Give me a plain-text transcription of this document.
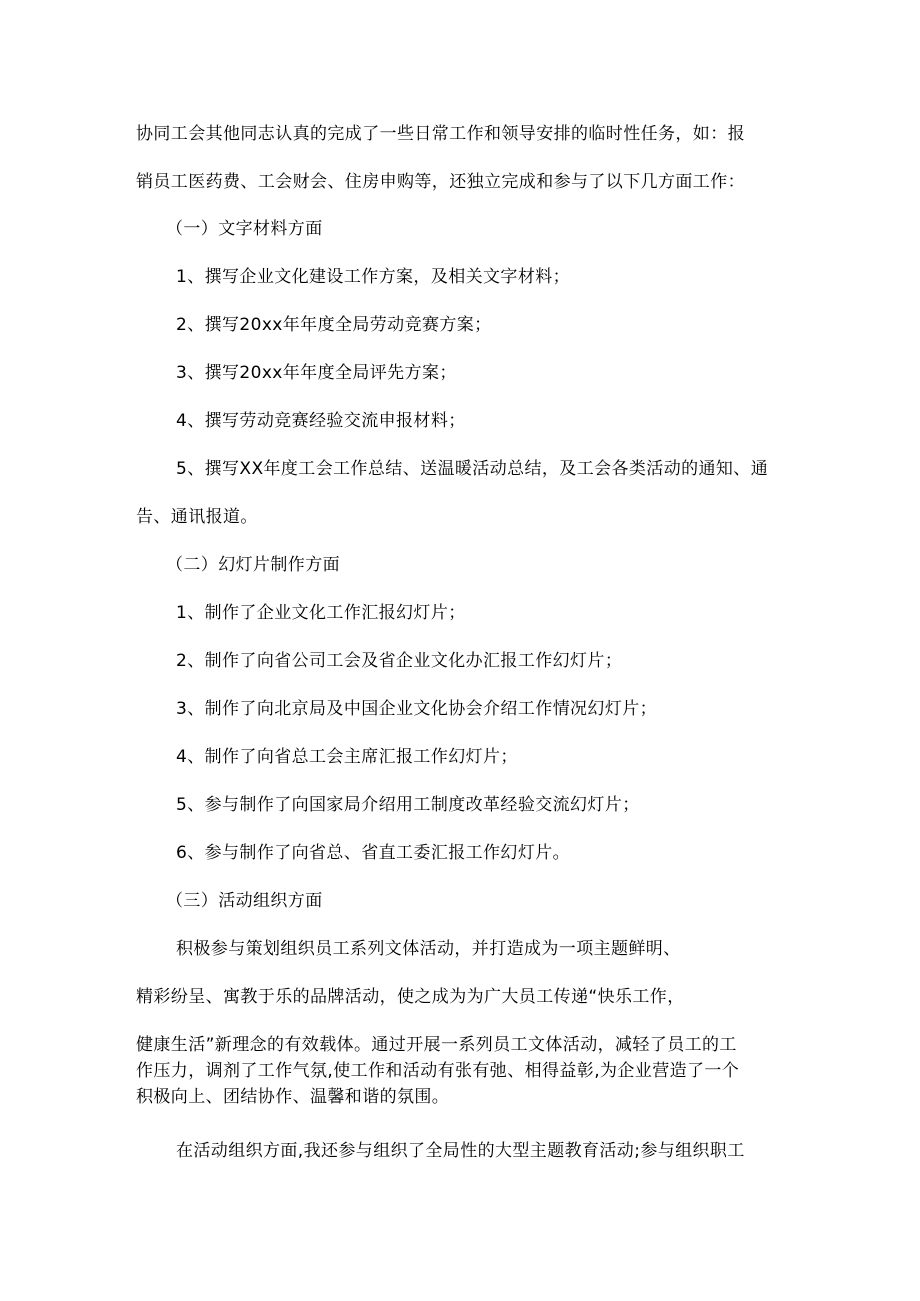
协同工会其他同志认真的完成了一些日常工作和领导安排的临时性任务，如：报

销员工医药费、工会财会、住房申购等，还独立完成和参与了以下几方面工作：

（一）文字材料方面

1、撰写企业文化建设工作方案，及相关文字材料；

2、撰写20xx年年度全局劳动竞赛方案；

3、撰写20xx年年度全局评先方案；

4、撰写劳动竞赛经验交流申报材料；

5、撰写XX年度工会工作总结、送温暖活动总结，及工会各类活动的通知、通

告、通讯报道。

（二）幻灯片制作方面

1、制作了企业文化工作汇报幻灯片；

2、制作了向省公司工会及省企业文化办汇报工作幻灯片；

3、制作了向北京局及中国企业文化协会介绍工作情况幻灯片；

4、制作了向省总工会主席汇报工作幻灯片；

5、参与制作了向国家局介绍用工制度改革经验交流幻灯片；

6、参与制作了向省总、省直工委汇报工作幻灯片。

（三）活动组织方面

积极参与策划组织员工系列文体活动，并打造成为一项主题鲜明、

精彩纷呈、寓教于乐的品牌活动，使之成为为广大员工传递“快乐工作，

健康生活”新理念的有效载体。通过开展一系列员工文体活动，减轻了员工的工

作压力，调剂了工作气氛,使工作和活动有张有弛、相得益彰,为企业营造了一个

积极向上、团结协作、温馨和谐的氛围。

在活动组织方面,我还参与组织了全局性的大型主题教育活动;参与组织职工
